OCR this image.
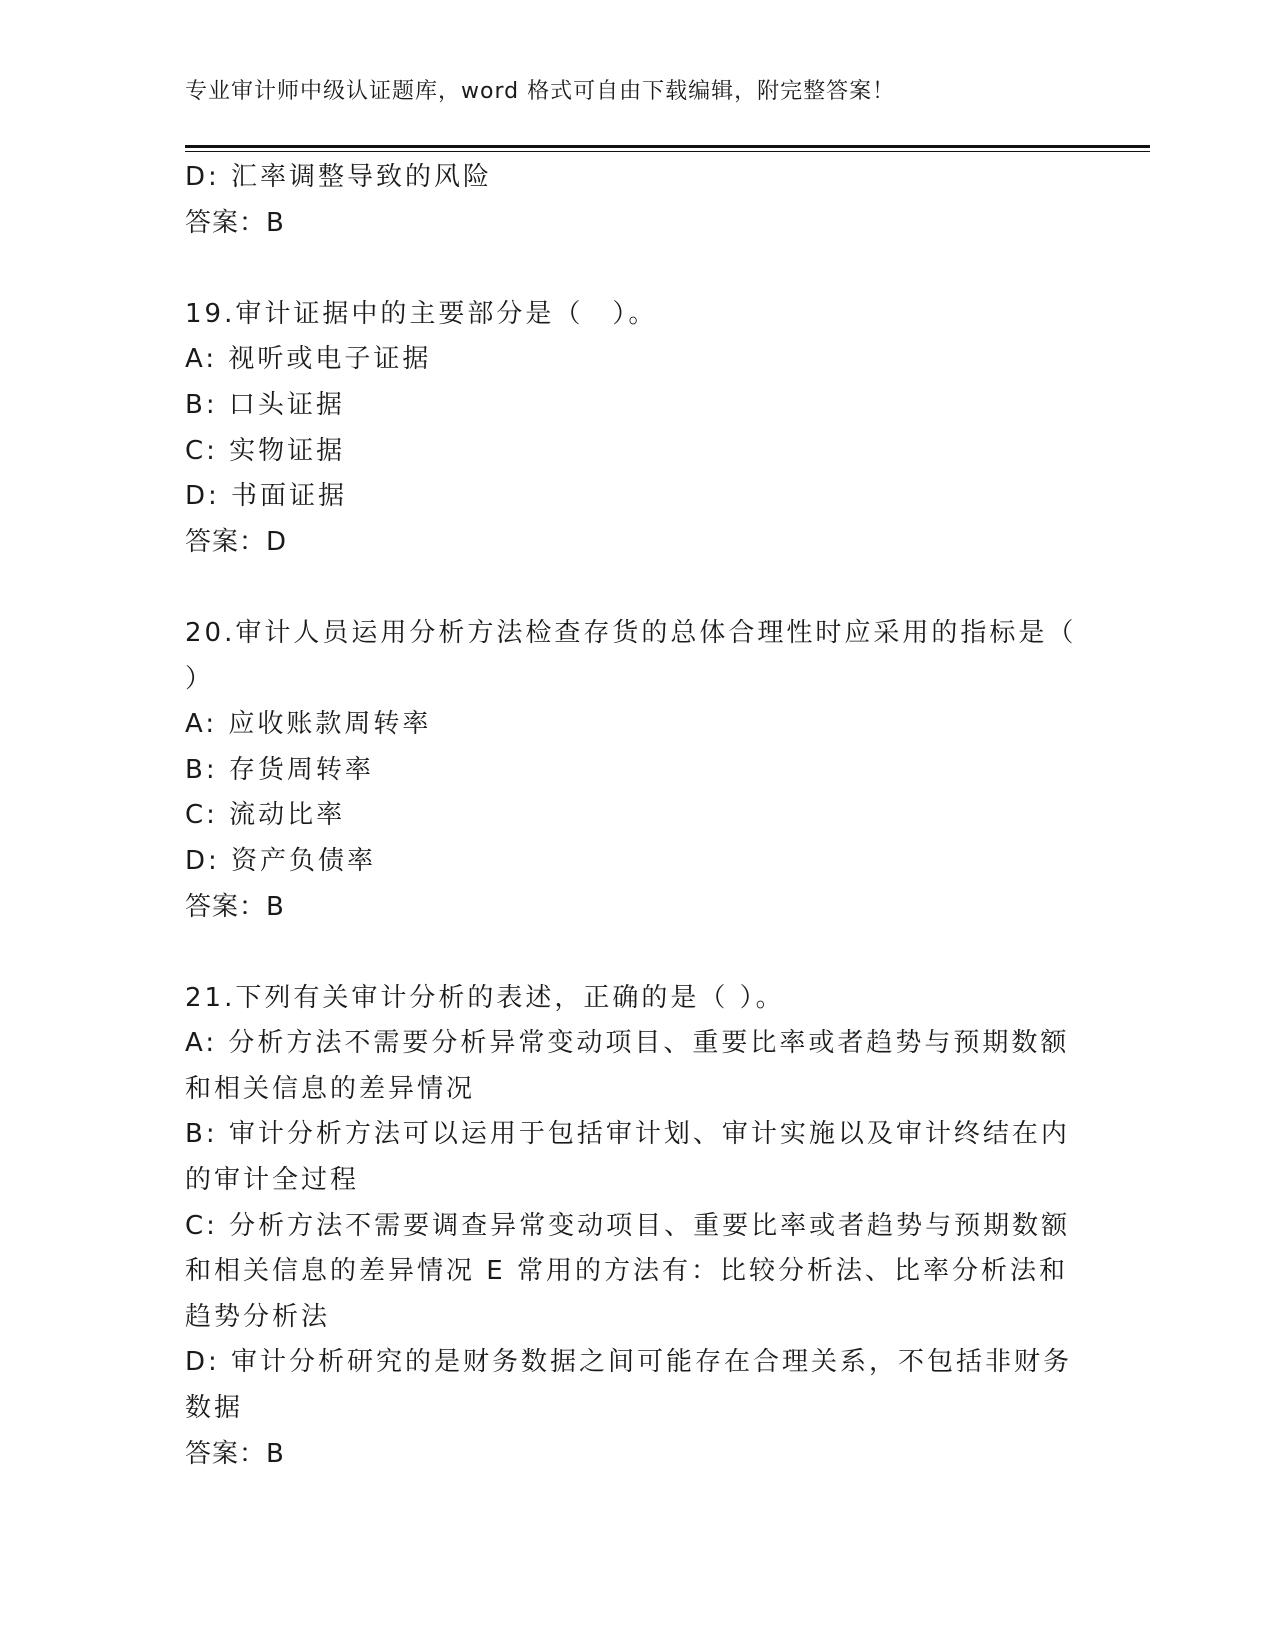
专业审计师中级认证题库，word 格式可自由下载编辑，附完整答案！
D: 汇率调整导致的风险
答案：B
19.审计证据中的主要部分是（　）。
A: 视听或电子证据
B: 口头证据
C: 实物证据
D: 书面证据
答案：D
20.审计人员运用分析方法检查存货的总体合理性时应采用的指标是（
）
A: 应收账款周转率
B: 存货周转率
C: 流动比率
D: 资产负债率
答案：B
21.下列有关审计分析的表述，正确的是（ ）。
A: 分析方法不需要分析异常变动项目、重要比率或者趋势与预期数额
和相关信息的差异情况
B: 审计分析方法可以运用于包括审计划、审计实施以及审计终结在内
的审计全过程
C: 分析方法不需要调查异常变动项目、重要比率或者趋势与预期数额
和相关信息的差异情况 E 常用的方法有：比较分析法、比率分析法和
趋势分析法
D: 审计分析研究的是财务数据之间可能存在合理关系，不包括非财务
数据
答案：B
